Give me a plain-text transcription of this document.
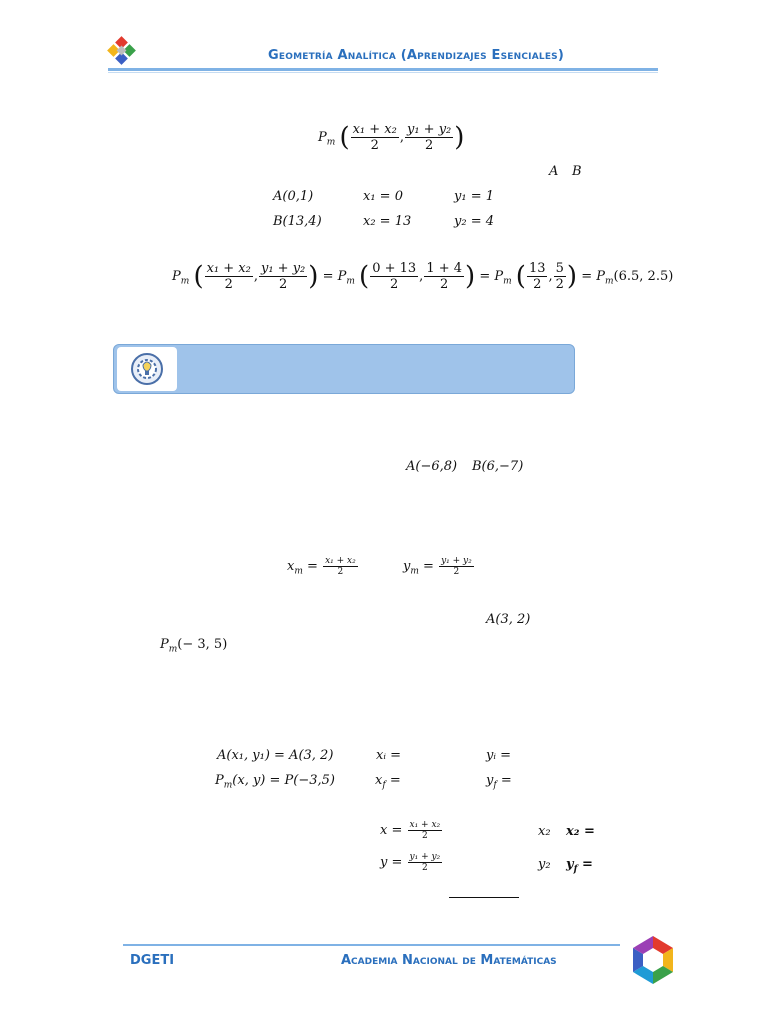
Geometría Analítica (Aprendizajes Esenciales)
$P_m$ ( $\frac{\text{x₁ + x₂}}{2}$ , $\frac{\text{y₁ + y₂}}{2}$ )
A B
A(0,1)	x₁ = 0	y₁ = 1
B(13,4)	x₂ = 13	y₂ = 4
$P_m$ ( $\frac{\text{x₁ + x₂}}{2}$ , $\frac{\text{y₁ + y₂}}{2}$ ) = $P_m$ ( $\frac{0 + 13}{2}$ , $\frac{1 + 4}{2}$ ) = $P_m$ ( $\frac{13}{2}$ , $\frac{5}{2}$ ) = $P_m(6.5$, 2.5)
A(−6,8) B(6,−7)
$x_m = \frac{\text{x₁ + x₂}}{2}$	$y_m = \frac{\text{y₁ + y₂}}{2}$
A(3, 2)
$P_m(- 3$, 5)
A(x₁, y₁) = A(3, 2)	xᵢ =	yᵢ =
$P_m(x$, y) = P(−3,5)	$x_f$ =	$y_f$ =
$x = \frac{\text{x₁ + x₂}}{2}$	x₂ x₂ =
$y = \frac{\text{y₁ + y₂}}{2}$	y₂ $y_f$ =
DGETI	Academia Nacional de Matemáticas
